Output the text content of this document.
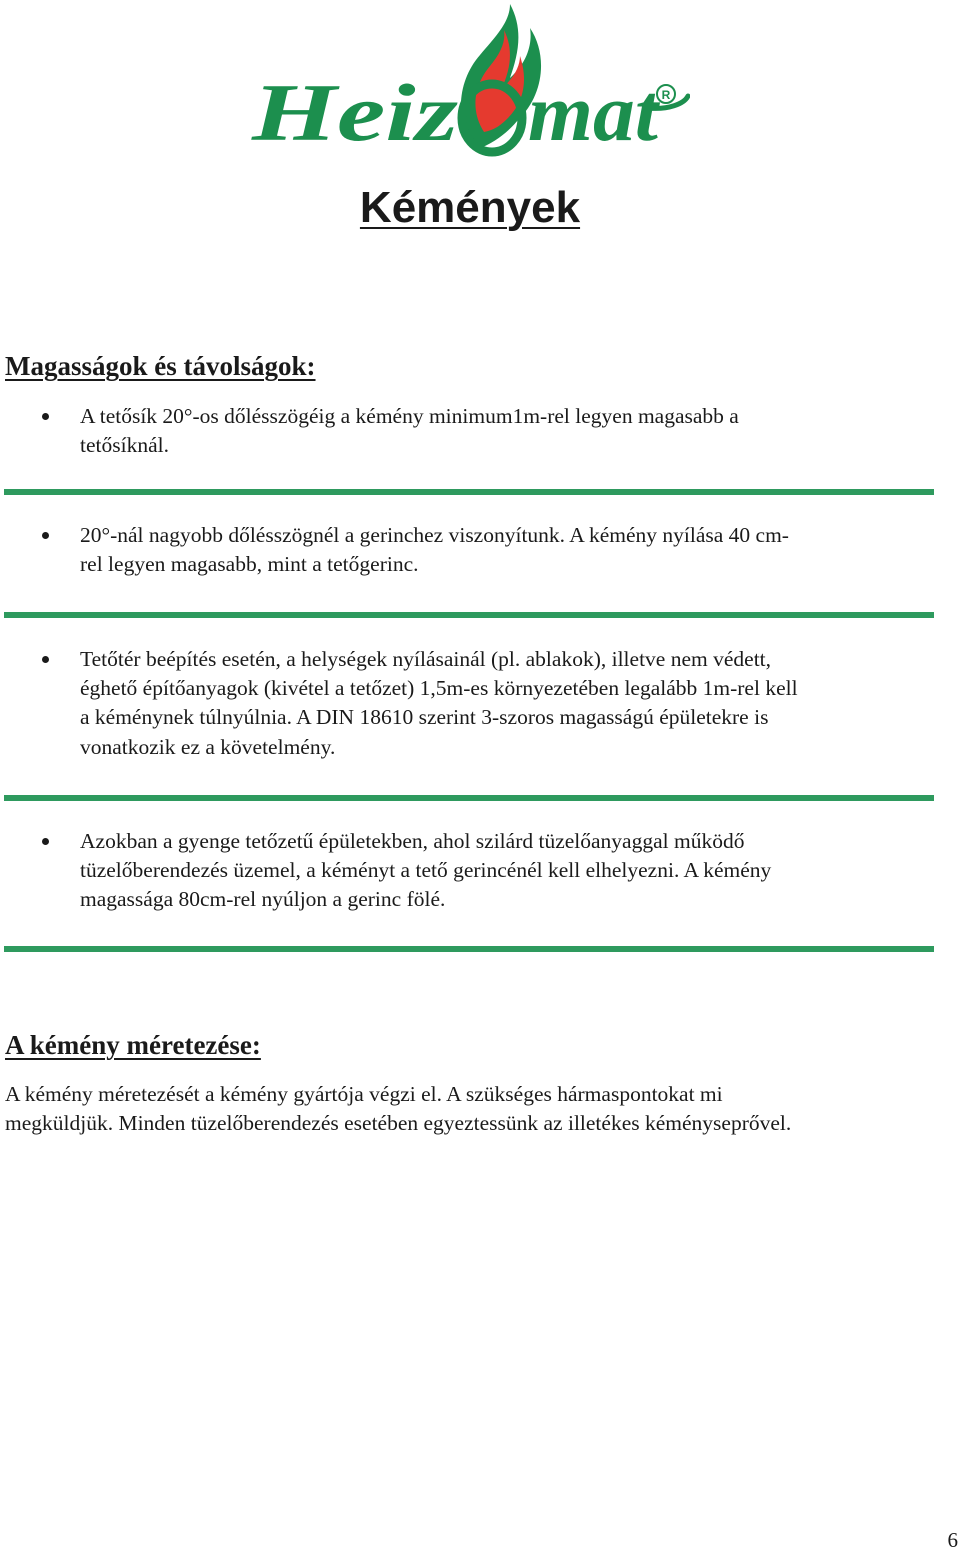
Heiz mat R
Kémények
Magasságok és távolságok:
A tetősík 20°-os dőlésszögéig a kémény minimum1m-rel legyen magasabb a
tetősíknál.
20°-nál nagyobb dőlésszögnél a gerinchez viszonyítunk. A kémény nyílása 40 cm-
rel legyen magasabb, mint a tetőgerinc.
Tetőtér beépítés esetén, a helységek nyílásainál (pl. ablakok), illetve nem védett,
éghető építőanyagok (kivétel a tetőzet) 1,5m-es környezetében legalább 1m-rel kell
a kéménynek túlnyúlnia. A DIN 18610 szerint 3-szoros magasságú épületekre is
vonatkozik ez a követelmény.
Azokban a gyenge tetőzetű épületekben, ahol szilárd tüzelőanyaggal működő
tüzelőberendezés üzemel, a kéményt a tető gerincénél kell elhelyezni. A kémény
magassága 80cm-rel nyúljon a gerinc fölé.
A kémény méretezése:

A kémény méretezését a kémény gyártója végzi el. A szükséges hármaspontokat mi
megküldjük. Minden tüzelőberendezés esetében egyeztessünk az illetékes kéményseprővel.

6
